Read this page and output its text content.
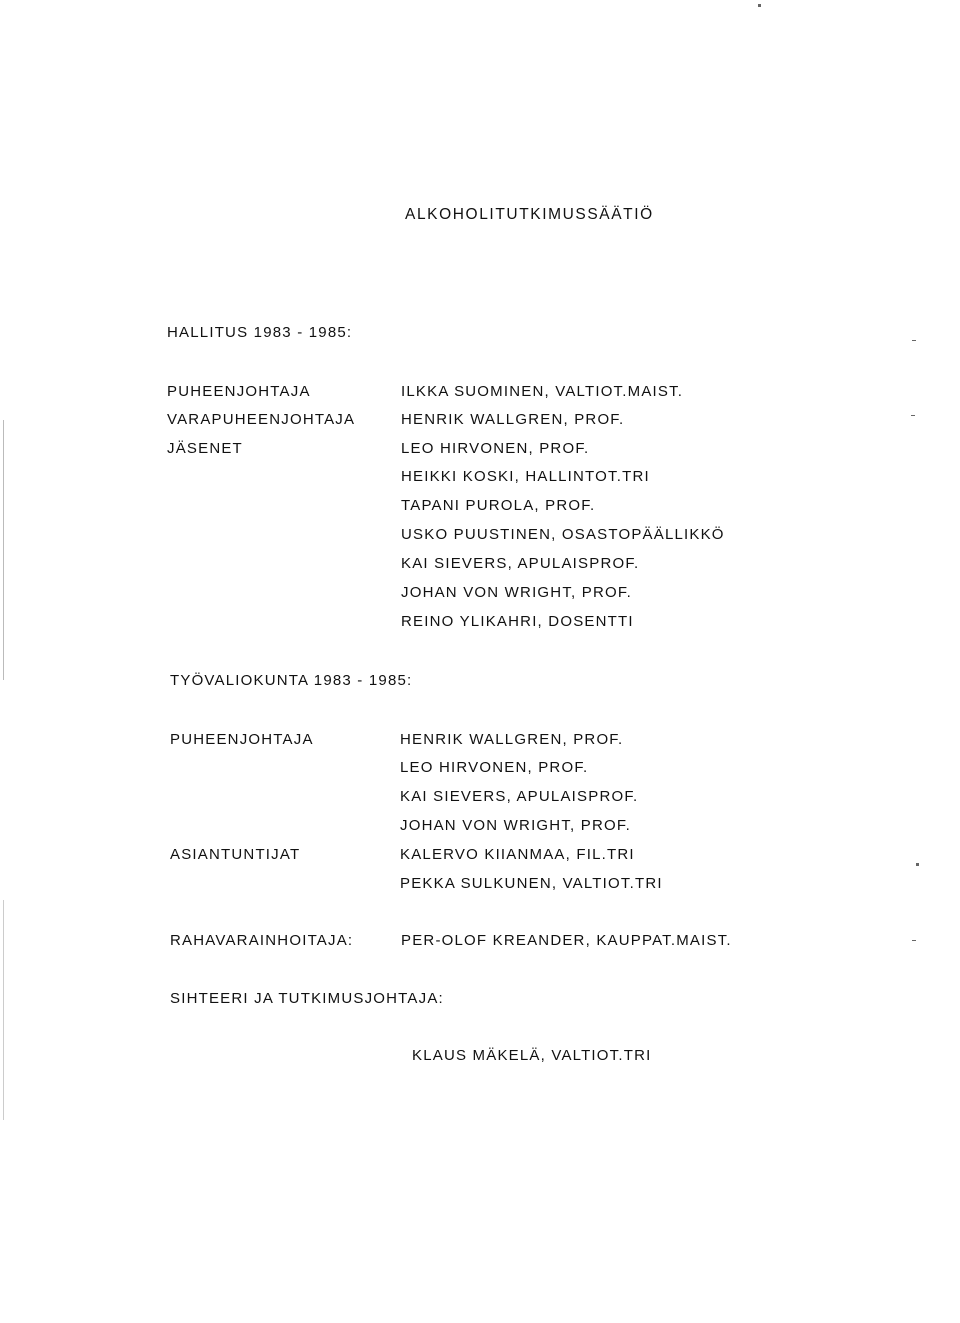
ALKOHOLITUTKIMUSSÄÄTIÖ
HALLITUS 1983 - 1985:
PUHEENJOHTAJA
VARAPUHEENJOHTAJA
JÄSENET
ILKKA SUOMINEN, VALTIOT.MAIST.
HENRIK WALLGREN, PROF.
LEO HIRVONEN, PROF.
HEIKKI KOSKI, HALLINTOT.TRI
TAPANI PUROLA, PROF.
USKO PUUSTINEN, OSASTOPÄÄLLIKKÖ
KAI SIEVERS, APULAISPROF.
JOHAN VON WRIGHT, PROF.
REINO YLIKAHRI, DOSENTTI
TYÖVALIOKUNTA 1983 - 1985:
PUHEENJOHTAJA
ASIANTUNTIJAT
HENRIK WALLGREN, PROF.
LEO HIRVONEN, PROF.
KAI SIEVERS, APULAISPROF.
JOHAN VON WRIGHT, PROF.
KALERVO KIIANMAA, FIL.TRI
PEKKA SULKUNEN, VALTIOT.TRI
RAHAVARAINHOITAJA:	PER-OLOF KREANDER, KAUPPAT.MAIST.
SIHTEERI JA TUTKIMUSJOHTAJA:
KLAUS MÄKELÄ, VALTIOT.TRI
